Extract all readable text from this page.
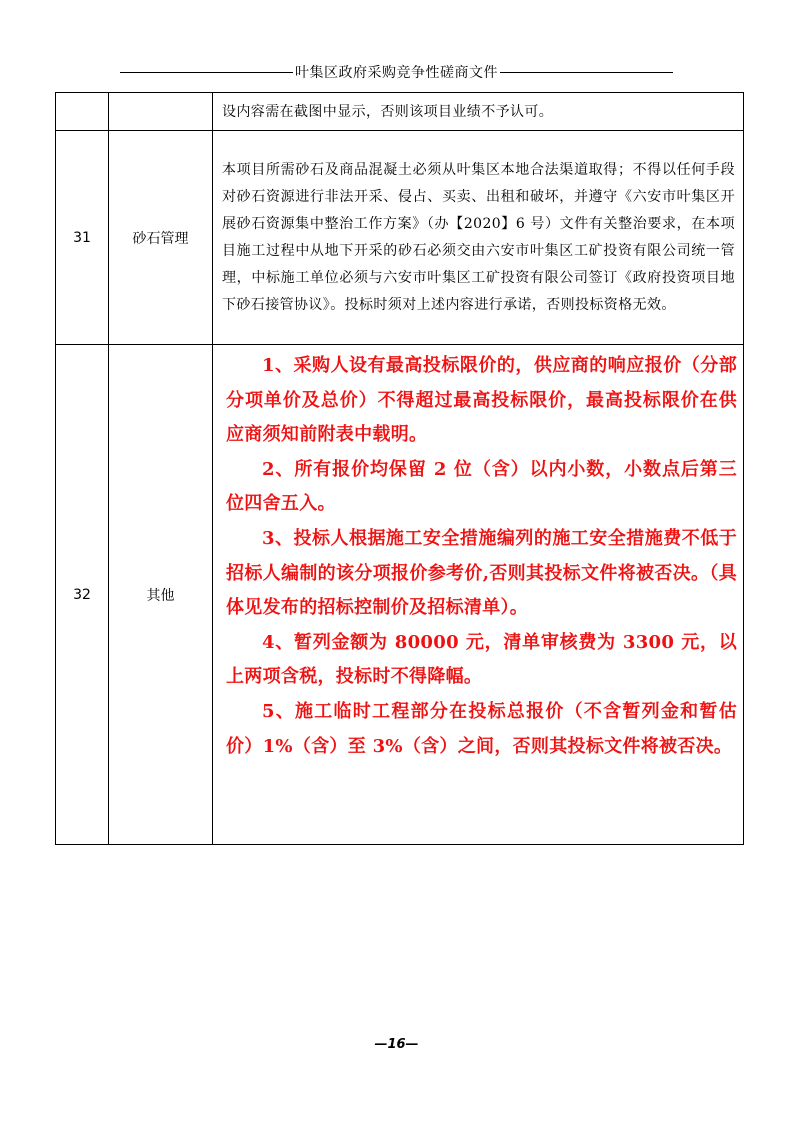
叶集区政府采购竞争性磋商文件

		设内容需在截图中显示，否则该项目业绩不予认可。

31	砂石管理	本项目所需砂石及商品混凝土必须从叶集区本地合法渠道取得；不得以任何手段对砂石资源进行非法开采、侵占、买卖、出租和破坏，并遵守《六安市叶集区开展砂石资源集中整治工作方案》（办【2020】6 号）文件有关整治要求，在本项目施工过程中从地下开采的砂石必须交由六安市叶集区工矿投资有限公司统一管理，中标施工单位必须与六安市叶集区工矿投资有限公司签订《政府投资项目地下砂石接管协议》。投标时须对上述内容进行承诺，否则投标资格无效。

32	其他	1、采购人设有最高投标限价的，供应商的响应报价（分部分项单价及总价）不得超过最高投标限价，最高投标限价在供应商须知前附表中载明。

2、所有报价均保留 2 位（含）以内小数，小数点后第三位四舍五入。

3、投标人根据施工安全措施编列的施工安全措施费不低于招标人编制的该分项报价参考价,否则其投标文件将被否决。（具体见发布的招标控制价及招标清单）。

4、暂列金额为 80000 元，清单审核费为 3300 元，以上两项含税，投标时不得降幅。

5、施工临时工程部分在投标总报价（不含暂列金和暂估价）1%（含）至 3%（含）之间，否则其投标文件将被否决。

—16—
